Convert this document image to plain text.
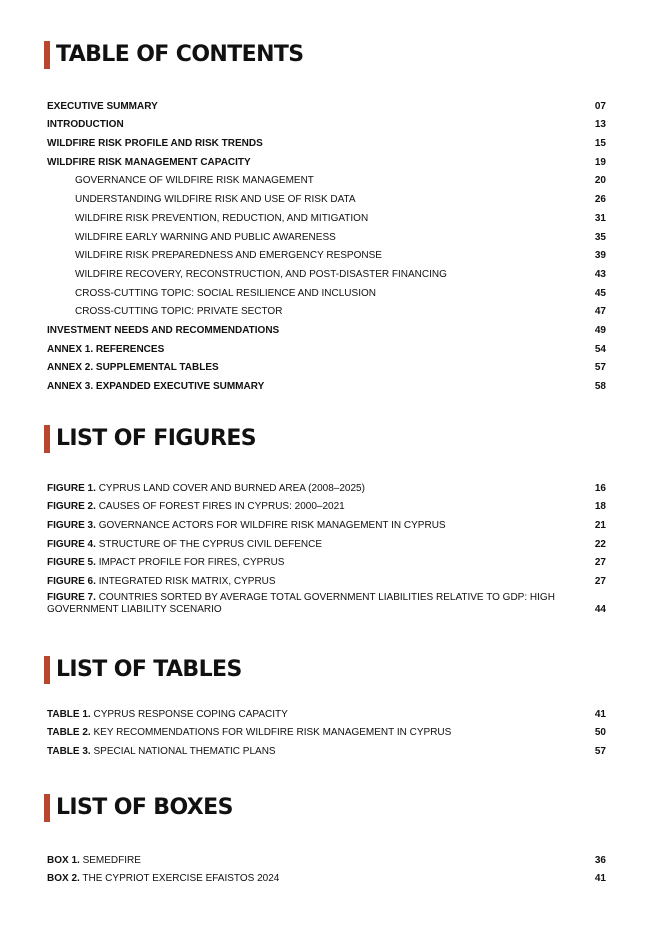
TABLE OF CONTENTS
EXECUTIVE SUMMARY	07
INTRODUCTION	13
WILDFIRE RISK PROFILE AND RISK TRENDS	15
WILDFIRE RISK MANAGEMENT CAPACITY	19
GOVERNANCE OF WILDFIRE RISK MANAGEMENT	20
UNDERSTANDING WILDFIRE RISK AND USE OF RISK DATA	26
WILDFIRE RISK PREVENTION, REDUCTION, AND MITIGATION	31
WILDFIRE EARLY WARNING AND PUBLIC AWARENESS	35
WILDFIRE RISK PREPAREDNESS AND EMERGENCY RESPONSE	39
WILDFIRE RECOVERY, RECONSTRUCTION, AND POST-DISASTER FINANCING	43
CROSS-CUTTING TOPIC: SOCIAL RESILIENCE AND INCLUSION	45
CROSS-CUTTING TOPIC: PRIVATE SECTOR	47
INVESTMENT NEEDS AND RECOMMENDATIONS	49
ANNEX 1. REFERENCES	54
ANNEX 2. SUPPLEMENTAL TABLES	57
ANNEX 3. EXPANDED EXECUTIVE SUMMARY	58
LIST OF FIGURES
FIGURE 1. CYPRUS LAND COVER AND BURNED AREA (2008–2025)	16
FIGURE 2. CAUSES OF FOREST FIRES IN CYPRUS: 2000–2021	18
FIGURE 3. GOVERNANCE ACTORS FOR WILDFIRE RISK MANAGEMENT IN CYPRUS	21
FIGURE 4. STRUCTURE OF THE CYPRUS CIVIL DEFENCE	22
FIGURE 5. IMPACT PROFILE FOR FIRES, CYPRUS	27
FIGURE 6. INTEGRATED RISK MATRIX, CYPRUS	27
FIGURE 7. COUNTRIES SORTED BY AVERAGE TOTAL GOVERNMENT LIABILITIES RELATIVE TO GDP: HIGH GOVERNMENT LIABILITY SCENARIO	44
LIST OF TABLES
TABLE 1. CYPRUS RESPONSE COPING CAPACITY	41
TABLE 2. KEY RECOMMENDATIONS FOR WILDFIRE RISK MANAGEMENT IN CYPRUS	50
TABLE 3. SPECIAL NATIONAL THEMATIC PLANS	57
LIST OF BOXES
BOX 1. SEMEDFIRE	36
BOX 2. THE CYPRIOT EXERCISE EFAISTOS 2024	41
